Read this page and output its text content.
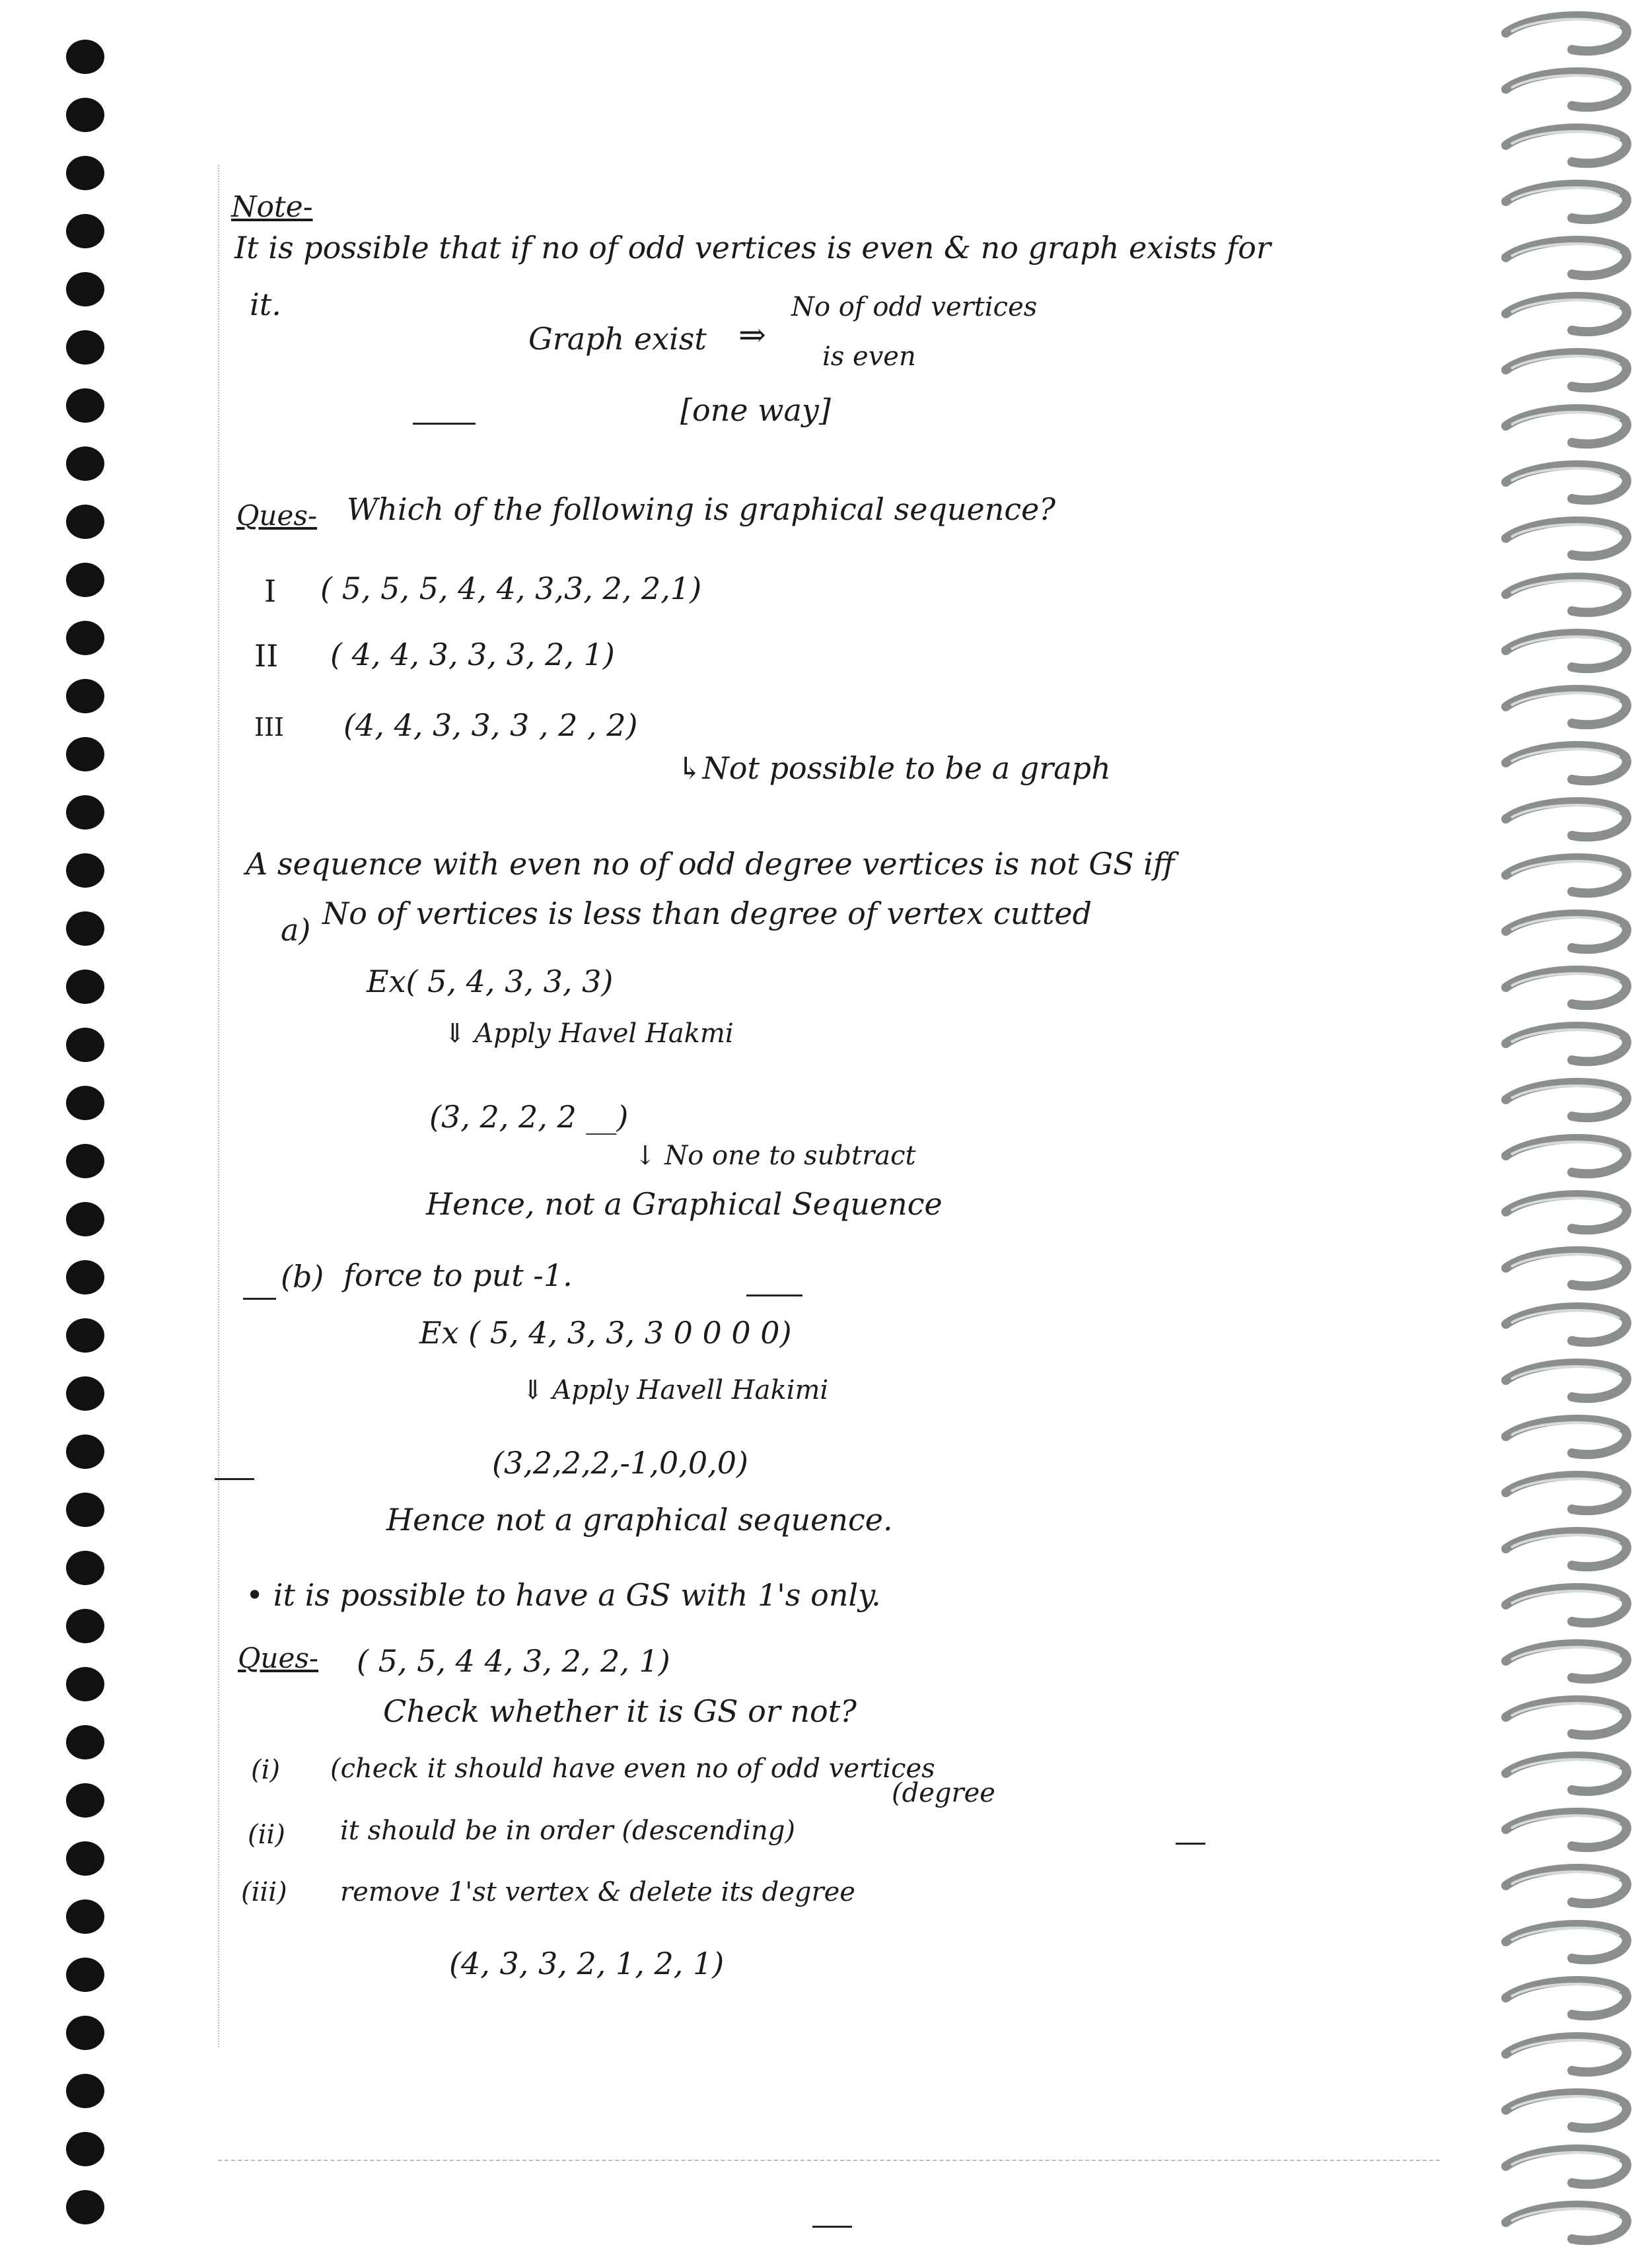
Note-
It is possible that if no of odd vertices is even & no graph exists for
it.
Graph exist ⇒
No of odd vertices
is even
[one way]
Ques- Which of the following is graphical sequence?
I ( 5, 5, 5, 4, 4, 3,3, 2, 2,1)
II ( 4, 4, 3, 3, 3, 2, 1)
III (4, 4, 3, 3, 3 , 2 , 2)
↳Not possible to be a graph
A sequence with even no of odd degree vertices is not GS iff
a) No of vertices is less than degree of vertex cutted
Ex( 5, 4, 3, 3, 3)
⇓ Apply Havel Hakmi
(3, 2, 2, 2 __)
↓ No one to subtract
Hence, not a Graphical Sequence
(b) force to put -1.
Ex ( 5, 4, 3, 3, 3 0 0 0 0)
⇓ Apply Havell Hakimi
(3,2,2,2,-1,0,0,0)
Hence not a graphical sequence.
• it is possible to have a GS with 1's only.
Ques- ( 5, 5, 4 4, 3, 2, 2, 1)
Check whether it is GS or not?
(i) (check it should have even no of odd vertices
(degree
(ii) it should be in order (descending)
(iii) remove 1'st vertex & delete its degree
(4, 3, 3, 2, 1, 2, 1)
